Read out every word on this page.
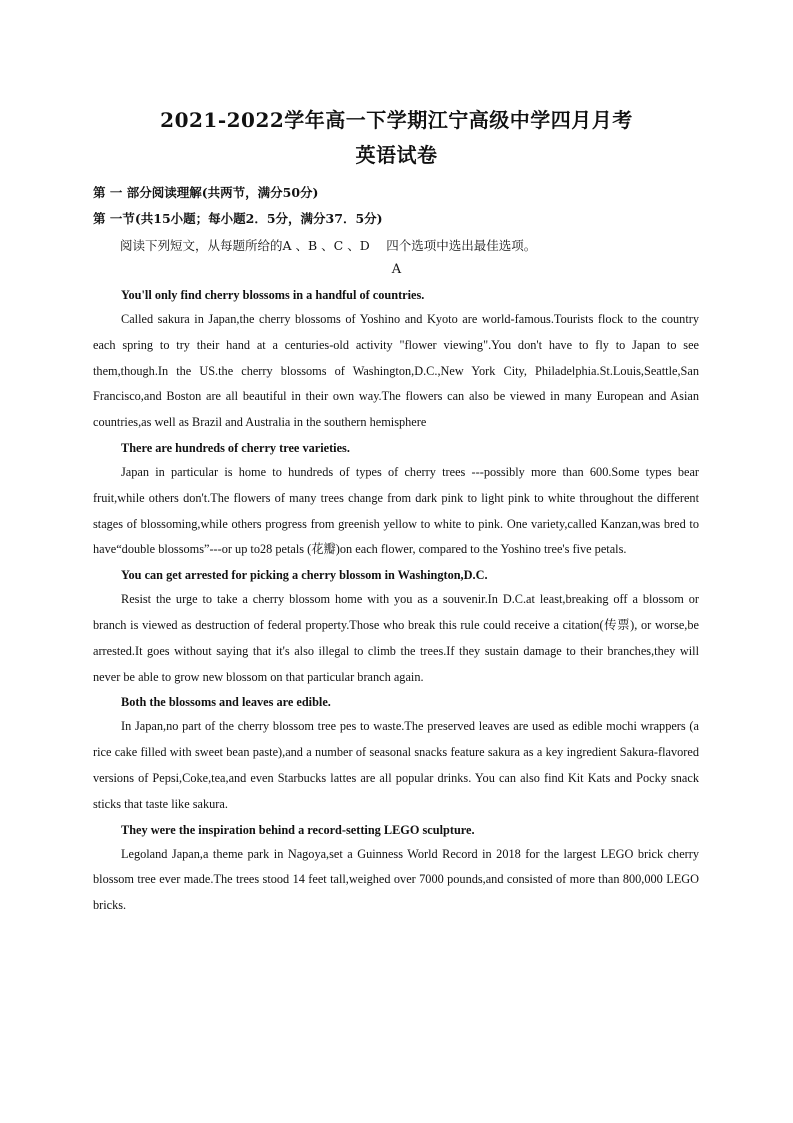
2021-2022学年高一下学期江宁高级中学四月月考
英语试卷
第 一 部分阅读理解(共两节，满分50分)
第 一节(共15小题；每小题2．5分，满分37．5分)
阅读下列短文，从每题所给的A 、B 、C 、D　 四个选项中选出最佳选项。
A

You'll only find cherry blossoms in a handful of countries.

Called sakura in Japan,the cherry blossoms of Yoshino and Kyoto are world-famous.Tourists flock to the country each spring to try their hand at a centuries-old activity "flower viewing".You don't have to fly to Japan to see them,though.In the US.the cherry blossoms of Washington,D.C.,New York City, Philadelphia.St.Louis,Seattle,San Francisco,and Boston are all beautiful in their own way.The flowers can also be viewed in many European and Asian countries,as well as Brazil and Australia in the southern hemisphere

There are hundreds of cherry tree varieties.

Japan in particular is home to hundreds of types of cherry trees ---possibly more than 600.Some types bear fruit,while others don't.The flowers of many trees change from dark pink to light pink to white throughout the different stages of blossoming,while others progress from greenish yellow to white to pink. One variety,called Kanzan,was bred to have“double blossoms”---or up to28 petals (花瓣)on each flower, compared to the Yoshino tree's five petals.

You can get arrested for picking a cherry blossom in Washington,D.C.

Resist the urge to take a cherry blossom home with you as a souvenir.In D.C.at least,breaking off a blossom or branch is viewed as destruction of federal property.Those who break this rule could receive a citation(传票), or worse,be arrested.It goes without saying that it's also illegal to climb the trees.If they sustain damage to their branches,they will never be able to grow new blossom on that particular branch again.

Both the blossoms and leaves are edible.

In Japan,no part of the cherry blossom tree pes to waste.The preserved leaves are used as edible mochi wrappers (a rice cake filled with sweet bean paste),and a number of seasonal snacks feature sakura as a key ingredient Sakura-flavored versions of Pepsi,Coke,tea,and even Starbucks lattes are all popular drinks. You can also find Kit Kats and Pocky snack sticks that taste like sakura.

They were the inspiration behind a record-setting LEGO sculpture.

Legoland Japan,a theme park in Nagoya,set a Guinness World Record in 2018 for the largest LEGO brick cherry blossom tree ever made.The trees stood 14 feet tall,weighed over 7000 pounds,and consisted of more than 800,000 LEGO bricks.
